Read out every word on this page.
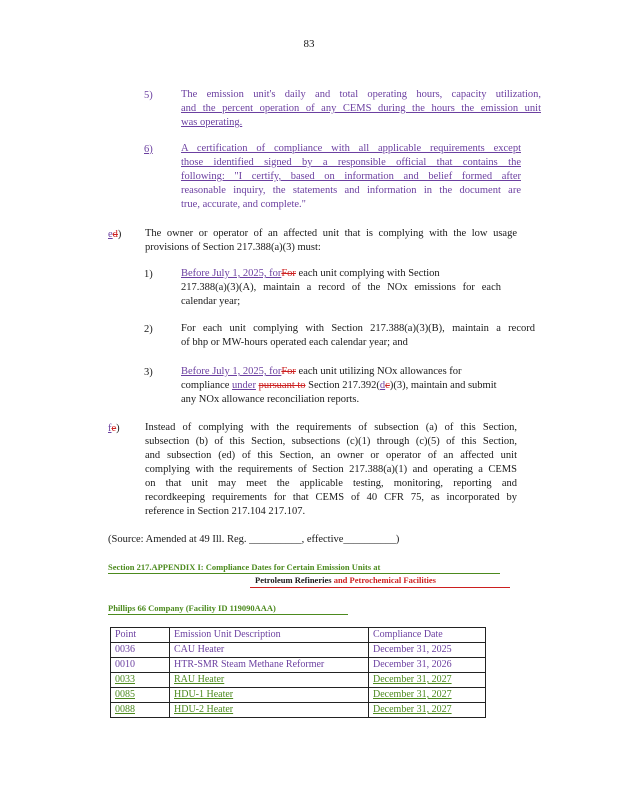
83
5)	The emission unit's daily and total operating hours, capacity utilization,
and the percent operation of any CEMS during the hours the emission unit
was operating.
6)	A certification of compliance with all applicable requirements except
those identified signed by a responsible official that contains the
following: "I certify, based on information and belief formed after
reasonable inquiry, the statements and information in the document are
true, accurate, and complete."
ed) The owner or operator of an affected unit that is complying with the low usage
provisions of Section 217.388(a)(3) must:
1)	Before July 1, 2025, forFor each unit complying with Section
217.388(a)(3)(A), maintain a record of the NOx emissions for each
calendar year;
2)	For each unit complying with Section 217.388(a)(3)(B), maintain a record
of bhp or MW-hours operated each calendar year; and
3)	Before July 1, 2025, forFor each unit utilizing NOx allowances for
compliance under pursuant to Section 217.392(dc)(3), maintain and submit
any NOx allowance reconciliation reports.
fe) Instead of complying with the requirements of subsection (a) of this Section,
subsection (b) of this Section, subsections (c)(1) through (c)(5) of this Section,
and subsection (ed) of this Section, an owner or operator of an affected unit
complying with the requirements of Section 217.388(a)(1) and operating a CEMS
on that unit may meet the applicable testing, monitoring, reporting and
recordkeeping requirements for that CEMS of 40 CFR 75, as incorporated by
reference in Section 217.104 217.107.
(Source: Amended at 49 Ill. Reg. __________, effective__________)
Section 217.APPENDIX I: Compliance Dates for Certain Emission Units at
Petroleum Refineries and Petrochemical Facilities
Phillips 66 Company (Facility ID 119090AAA)
Point	Emission Unit Description	Compliance Date
0036	CAU Heater	December 31, 2025
0010	HTR-SMR Steam Methane Reformer	December 31, 2026
0033	RAU Heater	December 31, 2027
0085	HDU-1 Heater	December 31, 2027
0088	HDU-2 Heater	December 31, 2027
